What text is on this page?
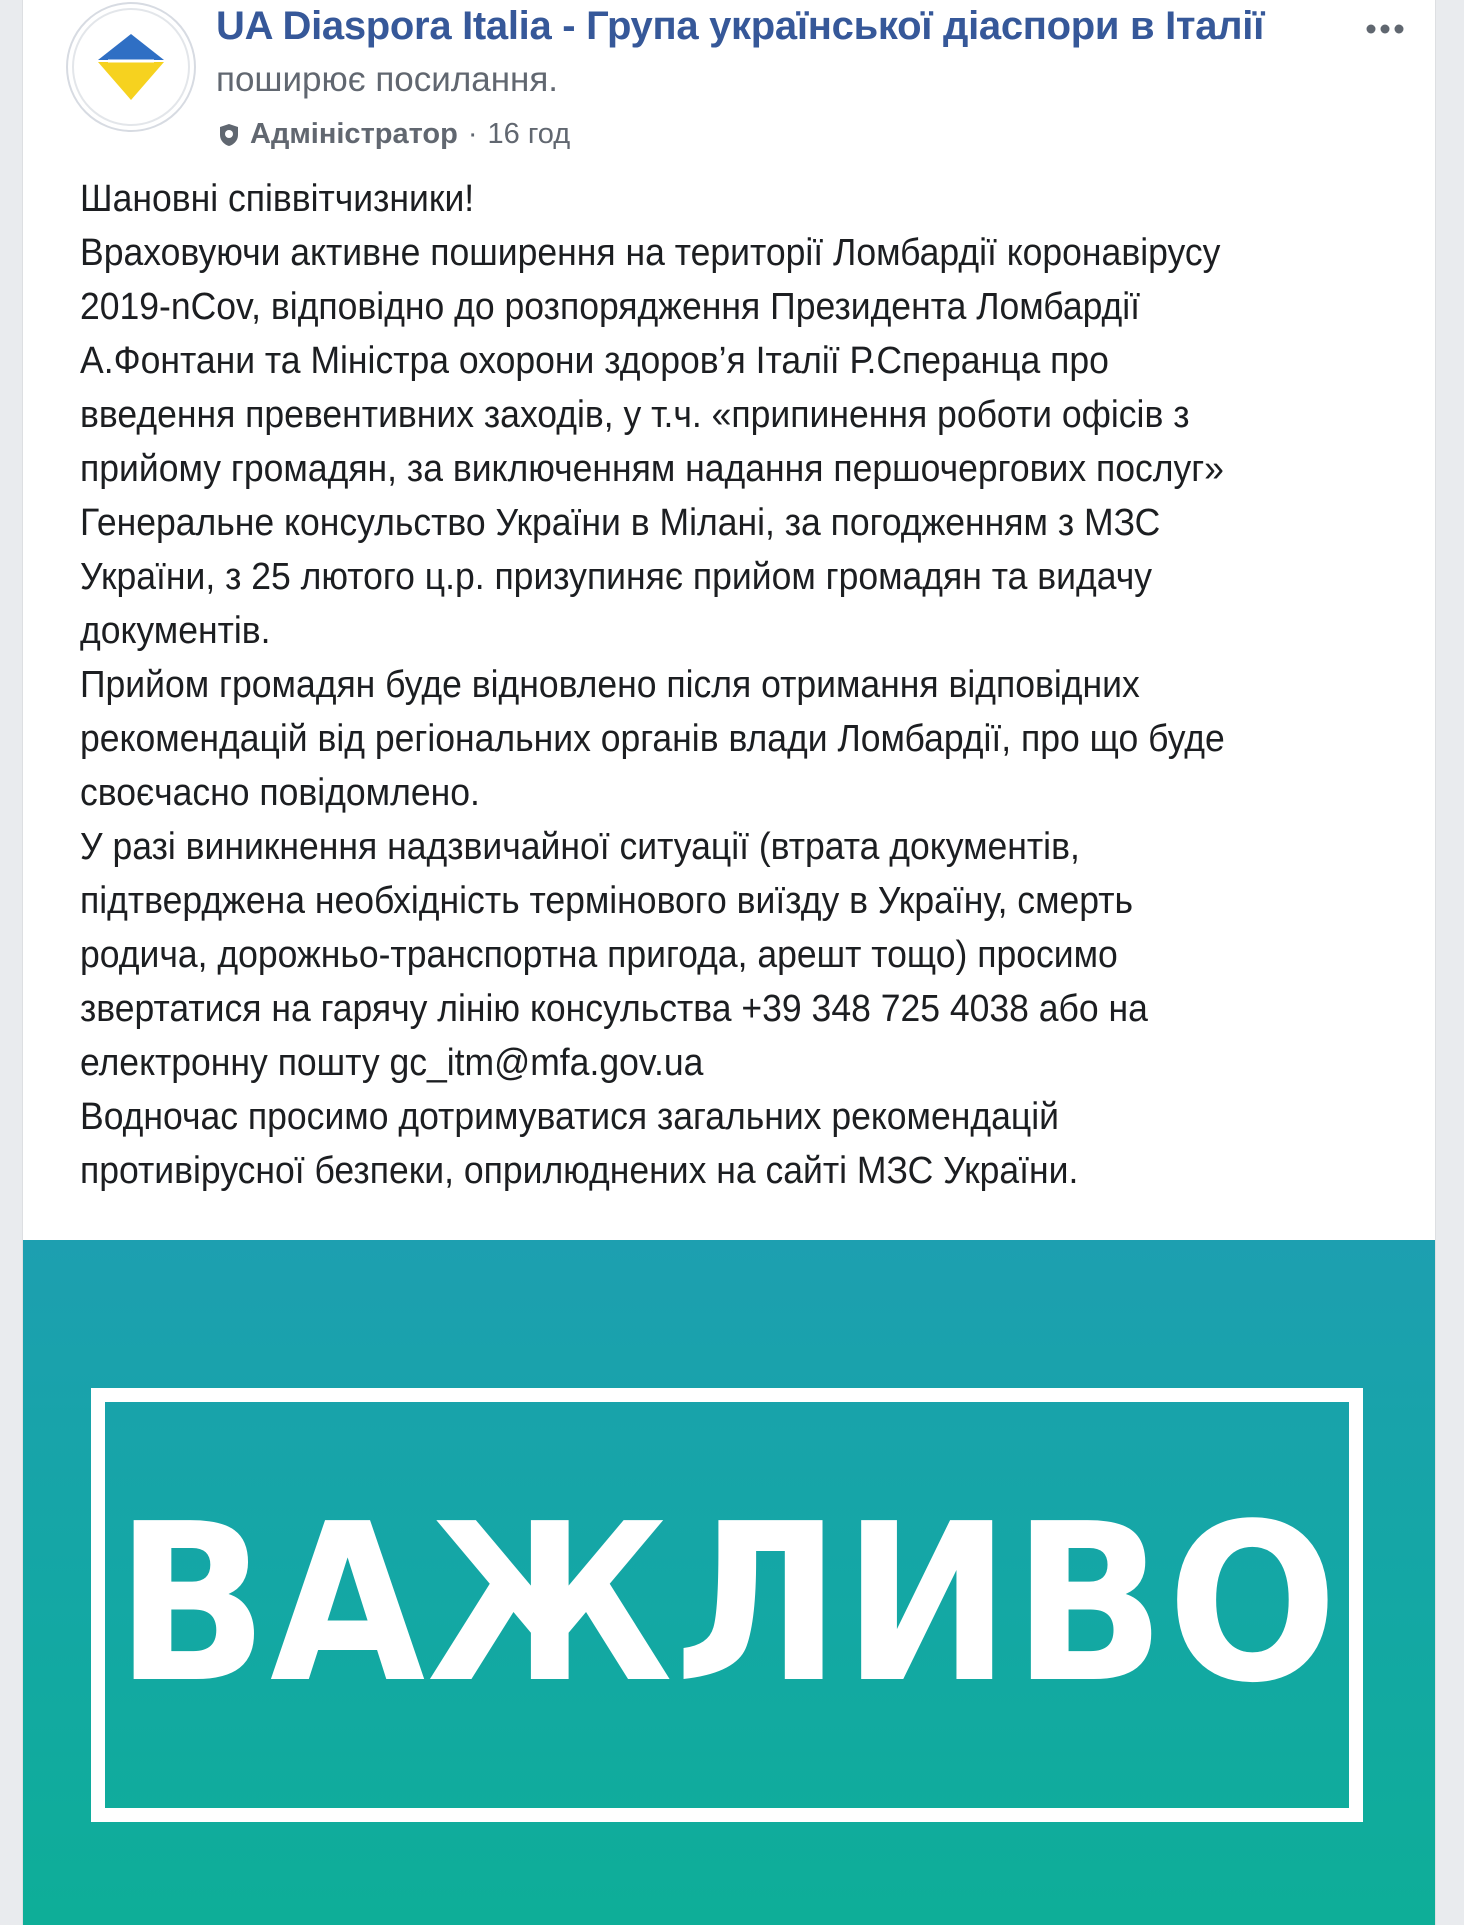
UA Diaspora Italia - Група української діаспори в Італії
поширює посилання.
Адміністратор · 16 год

Шановні співвітчизники!

Враховуючи активне поширення на території Ломбардії коронавірусу

2019-nCov, відповідно до розпорядження Президента Ломбардії

А.Фонтани та Міністра охорони здоров’я Італії Р.Сперанца про

введення превентивних заходів, у т.ч. «припинення роботи офісів з

прийому громадян, за виключенням надання першочергових послуг»

Генеральне консульство України в Мілані, за погодженням з МЗС

України, з 25 лютого ц.р. призупиняє прийом громадян та видачу

документів.

Прийом громадян буде відновлено після отримання відповідних

рекомендацій від регіональних органів влади Ломбардії, про що буде

своєчасно повідомлено.

У разі виникнення надзвичайної ситуації (втрата документів,

підтверджена необхідність термінового виїзду в Україну, смерть

родича, дорожньо-транспортна пригода, арешт тощо) просимо

звертатися на гарячу лінію консульства +39 348 725 4038 або на

електронну пошту gc_itm@mfa.gov.ua

Водночас просимо дотримуватися загальних рекомендацій

противірусної безпеки, оприлюднених на сайті МЗС України.

ВАЖЛИВО
